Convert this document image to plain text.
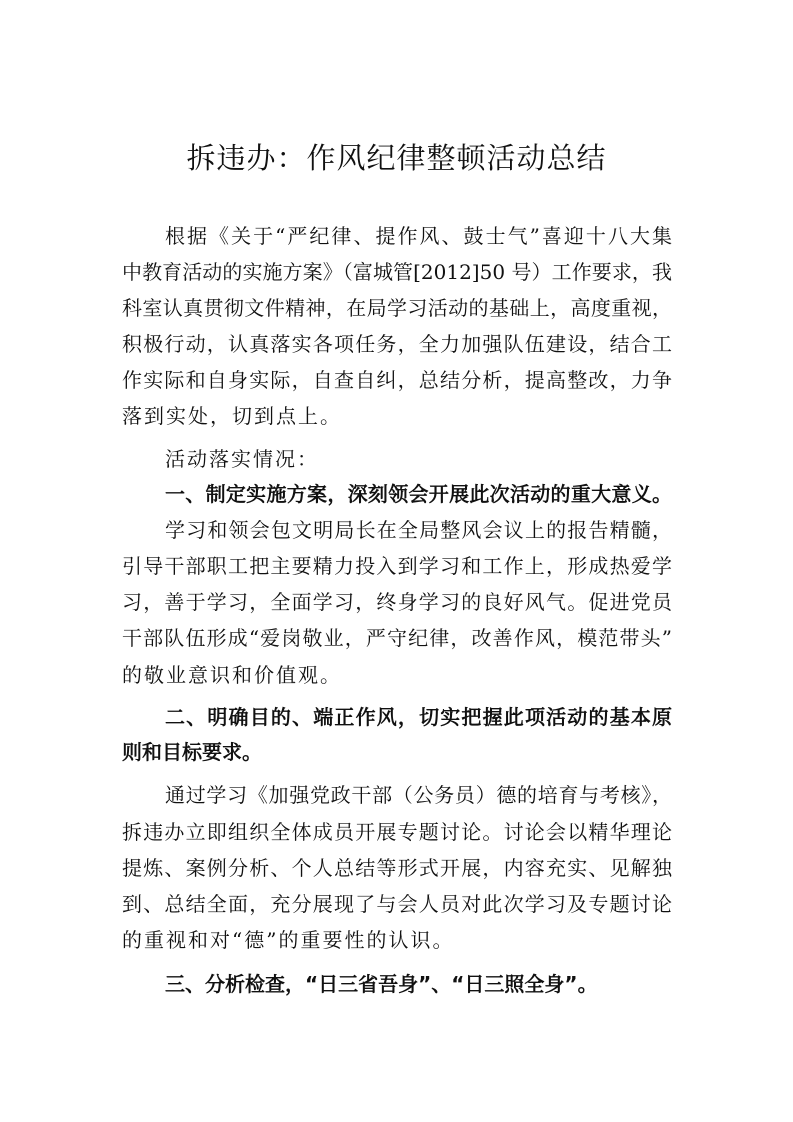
拆违办：作风纪律整顿活动总结
根据《关于“严纪律、提作风、鼓士气”喜迎十八大集
中教育活动的实施方案》（富城管[2012]50 号）工作要求，我
科室认真贯彻文件精神，在局学习活动的基础上，高度重视，
积极行动，认真落实各项任务，全力加强队伍建设，结合工
作实际和自身实际，自查自纠，总结分析，提高整改，力争
落到实处，切到点上。
活动落实情况：
一、制定实施方案，深刻领会开展此次活动的重大意义。
学习和领会包文明局长在全局整风会议上的报告精髓，
引导干部职工把主要精力投入到学习和工作上，形成热爱学
习，善于学习，全面学习，终身学习的良好风气。促进党员
干部队伍形成“爱岗敬业，严守纪律，改善作风，模范带头”
的敬业意识和价值观。
二、明确目的、端正作风，切实把握此项活动的基本原
则和目标要求。
通过学习《加强党政干部（公务员）德的培育与考核》，
拆违办立即组织全体成员开展专题讨论。讨论会以精华理论
提炼、案例分析、个人总结等形式开展，内容充实、见解独
到、总结全面，充分展现了与会人员对此次学习及专题讨论
的重视和对“德”的重要性的认识。
三、分析检查，“日三省吾身”、“日三照全身”。
